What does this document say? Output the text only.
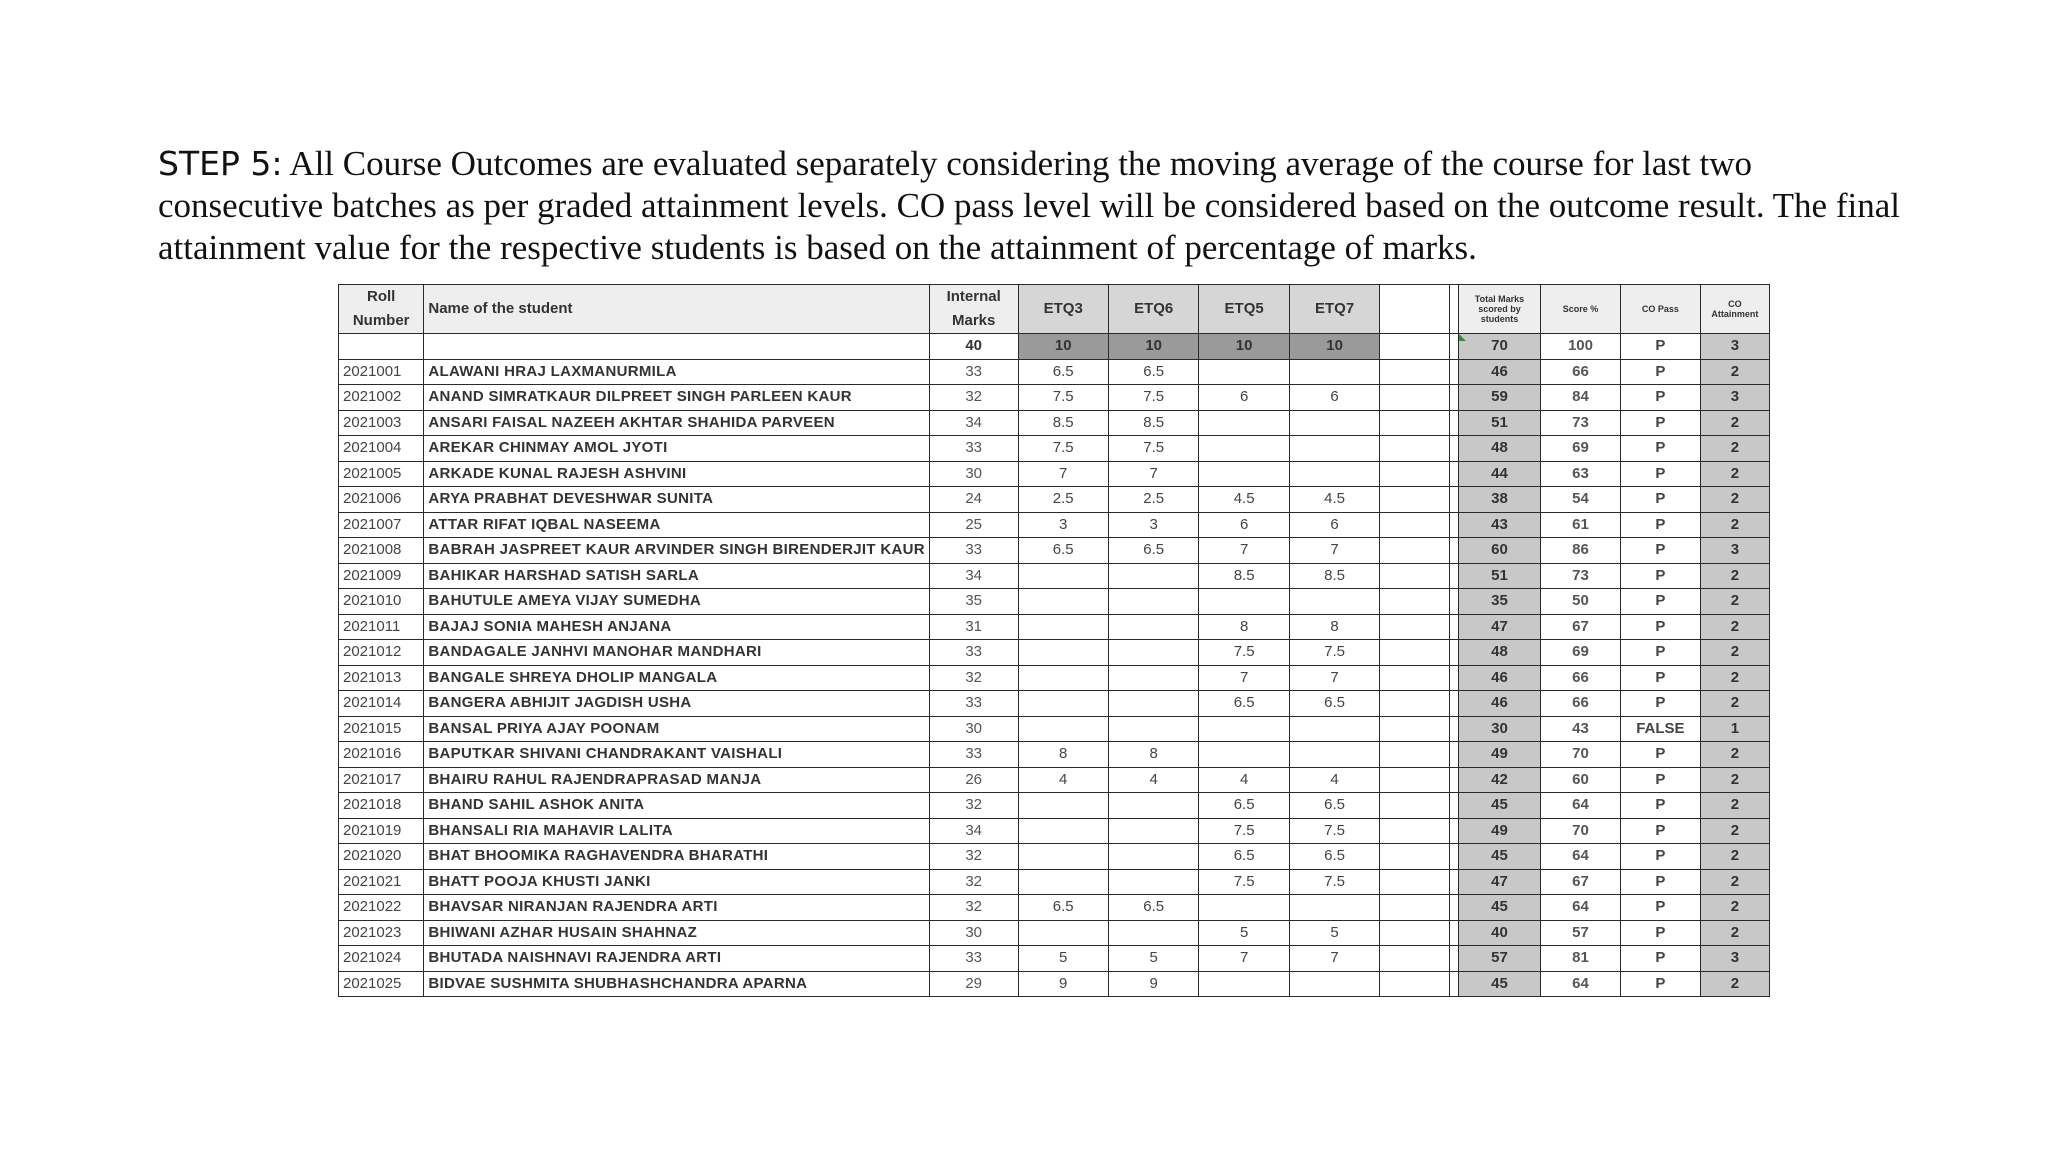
STEP 5: All Course Outcomes are evaluated separately considering the moving average of the course for last two consecutive batches as per graded attainment levels. CO pass level will be considered based on the outcome result. The final attainment value for the respective students is based on the attainment of percentage of marks.

Roll Number	Name of the student	Internal Marks	ETQ3	ETQ6	ETQ5	ETQ7			Total Marks scored by students	Score %	CO Pass	CO Attainment
		40	10	10	10	10			70	100	P	3
2021001	ALAWANI HRAJ LAXMANURMILA	33	6.5	6.5					46	66	P	2
2021002	ANAND SIMRATKAUR DILPREET SINGH PARLEEN KAUR	32	7.5	7.5	6	6			59	84	P	3
2021003	ANSARI FAISAL NAZEEH AKHTAR SHAHIDA PARVEEN	34	8.5	8.5					51	73	P	2
2021004	AREKAR CHINMAY AMOL JYOTI	33	7.5	7.5					48	69	P	2
2021005	ARKADE KUNAL RAJESH ASHVINI	30	7	7					44	63	P	2
2021006	ARYA PRABHAT DEVESHWAR SUNITA	24	2.5	2.5	4.5	4.5			38	54	P	2
2021007	ATTAR RIFAT IQBAL NASEEMA	25	3	3	6	6			43	61	P	2
2021008	BABRAH JASPREET KAUR ARVINDER SINGH BIRENDERJIT KAUR	33	6.5	6.5	7	7			60	86	P	3
2021009	BAHIKAR HARSHAD SATISH SARLA	34			8.5	8.5			51	73	P	2
2021010	BAHUTULE AMEYA VIJAY SUMEDHA	35							35	50	P	2
2021011	BAJAJ SONIA MAHESH ANJANA	31			8	8			47	67	P	2
2021012	BANDAGALE JANHVI MANOHAR MANDHARI	33			7.5	7.5			48	69	P	2
2021013	BANGALE SHREYA DHOLIP MANGALA	32			7	7			46	66	P	2
2021014	BANGERA ABHIJIT JAGDISH USHA	33			6.5	6.5			46	66	P	2
2021015	BANSAL PRIYA AJAY POONAM	30							30	43	FALSE	1
2021016	BAPUTKAR SHIVANI CHANDRAKANT VAISHALI	33	8	8					49	70	P	2
2021017	BHAIRU RAHUL RAJENDRAPRASAD MANJA	26	4	4	4	4			42	60	P	2
2021018	BHAND SAHIL ASHOK ANITA	32			6.5	6.5			45	64	P	2
2021019	BHANSALI RIA MAHAVIR LALITA	34			7.5	7.5			49	70	P	2
2021020	BHAT BHOOMIKA RAGHAVENDRA BHARATHI	32			6.5	6.5			45	64	P	2
2021021	BHATT POOJA KHUSTI JANKI	32			7.5	7.5			47	67	P	2
2021022	BHAVSAR NIRANJAN RAJENDRA ARTI	32	6.5	6.5					45	64	P	2
2021023	BHIWANI AZHAR HUSAIN SHAHNAZ	30			5	5			40	57	P	2
2021024	BHUTADA NAISHNAVI RAJENDRA ARTI	33	5	5	7	7			57	81	P	3
2021025	BIDVAE SUSHMITA SHUBHASHCHANDRA APARNA	29	9	9					45	64	P	2
